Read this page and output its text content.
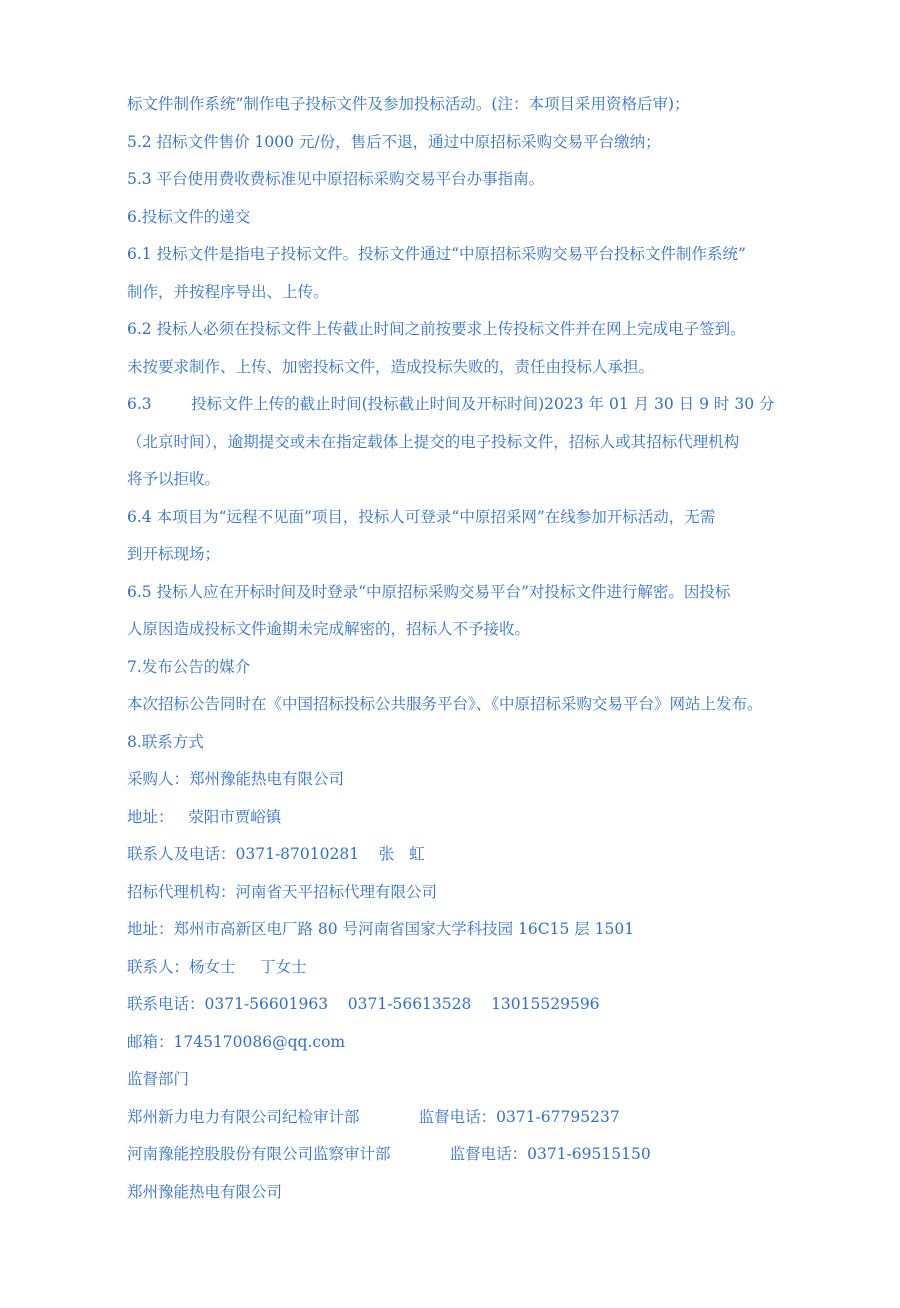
标文件制作系统”制作电子投标文件及参加投标活动。(注：本项目采用资格后审)；
5.2 招标文件售价 1000 元/份，售后不退，通过中原招标采购交易平台缴纳；
5.3 平台使用费收费标准见中原招标采购交易平台办事指南。
6.投标文件的递交
6.1 投标文件是指电子投标文件。投标文件通过“中原招标采购交易平台投标文件制作系统”
制作，并按程序导出、上传。
6.2 投标人必须在投标文件上传截止时间之前按要求上传投标文件并在网上完成电子签到。
未按要求制作、上传、加密投标文件，造成投标失败的，责任由投标人承担。
6.3        投标文件上传的截止时间(投标截止时间及开标时间)2023 年 01 月 30 日 9 时 30 分
（北京时间），逾期提交或未在指定载体上提交的电子投标文件，招标人或其招标代理机构
将予以拒收。
6.4 本项目为“远程不见面”项目，投标人可登录“中原招采网”在线参加开标活动，无需
到开标现场；
6.5 投标人应在开标时间及时登录“中原招标采购交易平台”对投标文件进行解密。因投标
人原因造成投标文件逾期未完成解密的，招标人不予接收。
7.发布公告的媒介
本次招标公告同时在《中国招标投标公共服务平台》、《中原招标采购交易平台》网站上发布。
8.联系方式
采购人：郑州豫能热电有限公司
地址：   荥阳市贾峪镇
联系人及电话：0371-87010281    张   虹
招标代理机构：河南省天平招标代理有限公司
地址：郑州市高新区电厂路 80 号河南省国家大学科技园 16C15 层 1501
联系人：杨女士     丁女士
联系电话：0371-56601963    0371-56613528    13015529596
邮箱：1745170086@qq.com
监督部门
郑州新力电力有限公司纪检审计部            监督电话：0371-67795237
河南豫能控股股份有限公司监察审计部            监督电话：0371-69515150
郑州豫能热电有限公司
